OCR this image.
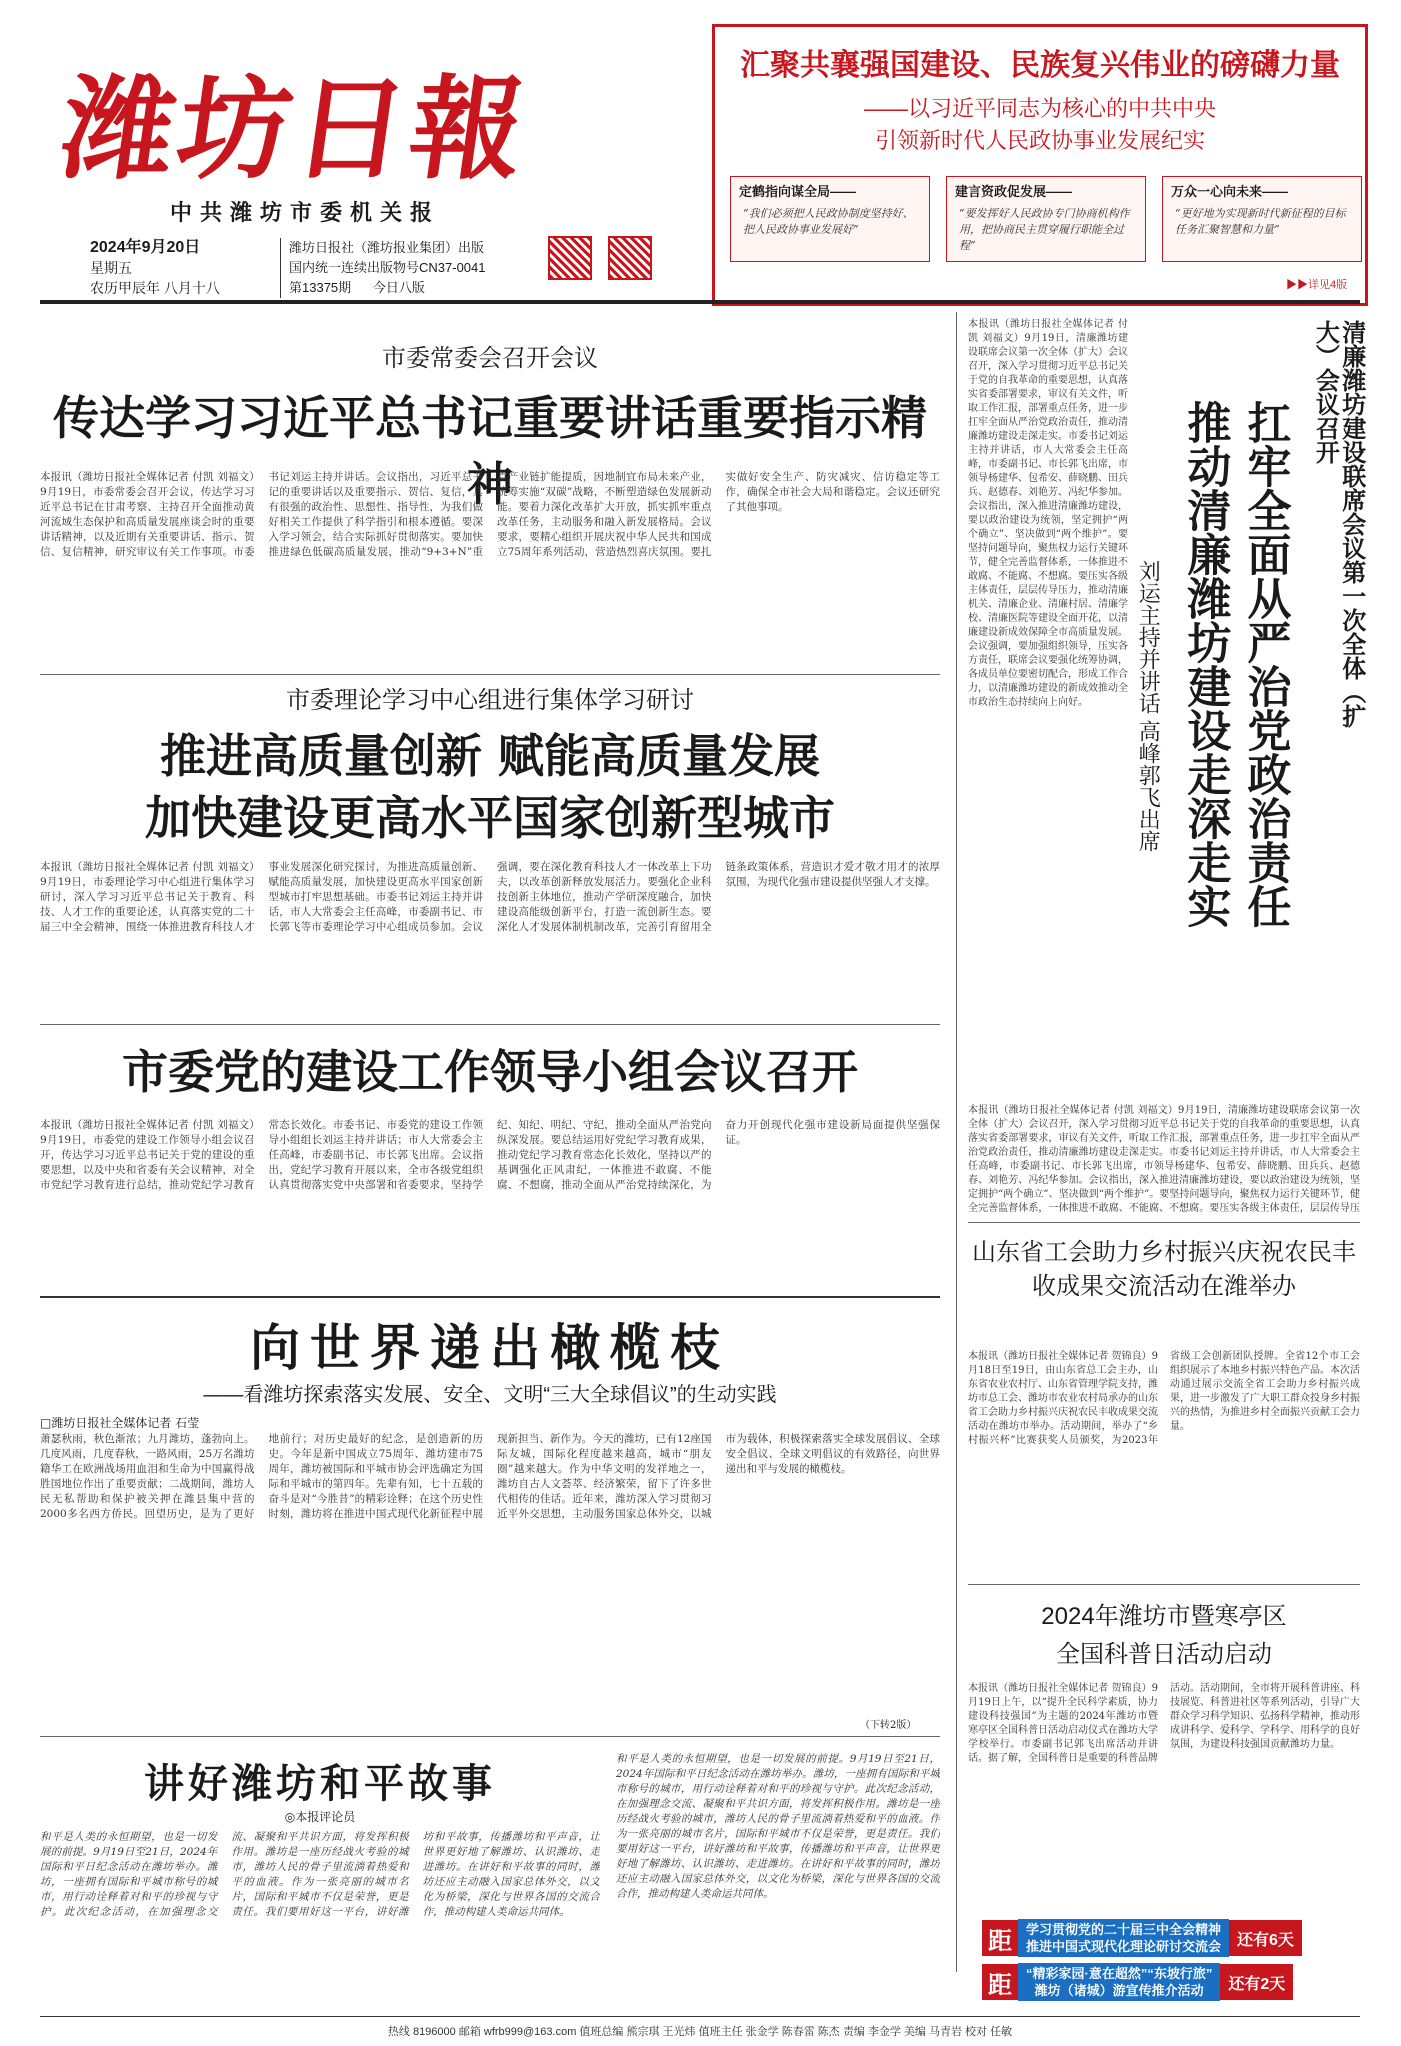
潍坊日報
中共潍坊市委机关报
2024年9月20日
星期五
农历甲辰年 八月十八
潍坊日报社（潍坊报业集团）出版
国内统一连续出版物号CN37-0041
第13375期 今日八版
汇聚共襄强国建设、民族复兴伟业的磅礴力量
——以习近平同志为核心的中共中央
引领新时代人民政协事业发展纪实
定鹤指向谋全局——
“我们必须把人民政协制度坚持好、把人民政协事业发展好”
建言资政促发展——
“要发挥好人民政协专门协商机构作用，把协商民主贯穿履行职能全过程”
万众一心向未来——
“更好地为实现新时代新征程的目标任务汇聚智慧和力量”
▶▶详见4版
市委常委会召开会议
传达学习习近平总书记重要讲话重要指示精神
本报讯（潍坊日报社全媒体记者 付凯 刘福文）9月19日，市委常委会召开会议，传达学习习近平总书记在甘肃考察、主持召开全面推动黄河流域生态保护和高质量发展座谈会时的重要讲话精神，以及近期有关重要讲话、指示、贺信、复信精神，研究审议有关工作事项。市委书记刘运主持并讲话。会议指出，习近平总书记的重要讲话以及重要指示、贺信、复信，具有很强的政治性、思想性、指导性，为我们做好相关工作提供了科学指引和根本遵循。要深入学习领会，结合实际抓好贯彻落实。要加快推进绿色低碳高质量发展，推动“9+3+N”重点产业链扩能提质，因地制宜布局未来产业，统筹实施“双碳”战略，不断塑造绿色发展新动能。要着力深化改革扩大开放，抓实抓牢重点改革任务，主动服务和融入新发展格局。会议要求，要精心组织开展庆祝中华人民共和国成立75周年系列活动，营造热烈喜庆氛围。要扎实做好安全生产、防灾减灾、信访稳定等工作，确保全市社会大局和谐稳定。会议还研究了其他事项。
市委理论学习中心组进行集体学习研讨
推进高质量创新 赋能高质量发展
加快建设更高水平国家创新型城市
本报讯（潍坊日报社全媒体记者 付凯 刘福文）9月19日，市委理论学习中心组进行集体学习研讨，深入学习习近平总书记关于教育、科技、人才工作的重要论述，认真落实党的二十届三中全会精神，围绕一体推进教育科技人才事业发展深化研究探讨，为推进高质量创新、赋能高质量发展，加快建设更高水平国家创新型城市打牢思想基础。市委书记刘运主持并讲话，市人大常委会主任高峰，市委副书记、市长郭飞等市委理论学习中心组成员参加。会议强调，要在深化教育科技人才一体改革上下功夫，以改革创新释放发展活力。要强化企业科技创新主体地位，推动产学研深度融合，加快建设高能级创新平台，打造一流创新生态。要深化人才发展体制机制改革，完善引育留用全链条政策体系，营造识才爱才敬才用才的浓厚氛围，为现代化强市建设提供坚强人才支撑。
市委党的建设工作领导小组会议召开
本报讯（潍坊日报社全媒体记者 付凯 刘福文）9月19日，市委党的建设工作领导小组会议召开，传达学习习近平总书记关于党的建设的重要思想，以及中央和省委有关会议精神，对全市党纪学习教育进行总结，推动党纪学习教育常态长效化。市委书记、市委党的建设工作领导小组组长刘运主持并讲话；市人大常委会主任高峰，市委副书记、市长郭飞出席。会议指出，党纪学习教育开展以来，全市各级党组织认真贯彻落实党中央部署和省委要求，坚持学纪、知纪、明纪、守纪，推动全面从严治党向纵深发展。要总结运用好党纪学习教育成果，推动党纪学习教育常态化长效化，坚持以严的基调强化正风肃纪，一体推进不敢腐、不能腐、不想腐，推动全面从严治党持续深化，为奋力开创现代化强市建设新局面提供坚强保证。
向世界递出橄榄枝
——看潍坊探索落实发展、安全、文明“三大全球倡议”的生动实践
□潍坊日报社全媒体记者 石莹
萧瑟秋雨，秋色渐浓；九月潍坊，蓬勃向上。几度风雨，几度春秋，一路风雨，25万名潍坊籍华工在欧洲战场用血泪和生命为中国赢得战胜国地位作出了重要贡献；二战期间，潍坊人民无私帮助和保护被关押在潍县集中营的2000多名西方侨民。回望历史，是为了更好地前行；对历史最好的纪念，是创造新的历史。今年是新中国成立75周年、潍坊建市75周年，潍坊被国际和平城市协会评选确定为国际和平城市的第四年。先辈有知，七十五载的奋斗是对“今胜昔”的精彩诠释；在这个历史性时刻，潍坊将在推进中国式现代化新征程中展现新担当、新作为。今天的潍坊，已有12座国际友城，国际化程度越来越高，城市“朋友圈”越来越大。作为中华文明的发祥地之一，潍坊自古人文荟萃、经济繁荣，留下了许多世代相传的佳话。近年来，潍坊深入学习贯彻习近平外交思想，主动服务国家总体外交，以城市为载体，积极探索落实全球发展倡议、全球安全倡议、全球文明倡议的有效路径，向世界递出和平与发展的橄榄枝。
（下转2版）
讲好潍坊和平故事
◎本报评论员
和平是人类的永恒期望，也是一切发展的前提。9月19日至21日，2024年国际和平日纪念活动在潍坊举办。潍坊，一座拥有国际和平城市称号的城市，用行动诠释着对和平的珍视与守护。此次纪念活动，在加强理念交流、凝聚和平共识方面，将发挥积极作用。潍坊是一座历经战火考验的城市，潍坊人民的骨子里流淌着热爱和平的血液。作为一张亮丽的城市名片，国际和平城市不仅是荣誉，更是责任。我们要用好这一平台，讲好潍坊和平故事，传播潍坊和平声音，让世界更好地了解潍坊、认识潍坊、走进潍坊。在讲好和平故事的同时，潍坊还应主动融入国家总体外交，以文化为桥梁，深化与世界各国的交流合作，推动构建人类命运共同体。
和平是人类的永恒期望，也是一切发展的前提。9月19日至21日，2024年国际和平日纪念活动在潍坊举办。潍坊，一座拥有国际和平城市称号的城市，用行动诠释着对和平的珍视与守护。此次纪念活动，在加强理念交流、凝聚和平共识方面，将发挥积极作用。潍坊是一座历经战火考验的城市，潍坊人民的骨子里流淌着热爱和平的血液。作为一张亮丽的城市名片，国际和平城市不仅是荣誉，更是责任。我们要用好这一平台，讲好潍坊和平故事，传播潍坊和平声音，让世界更好地了解潍坊、认识潍坊、走进潍坊。在讲好和平故事的同时，潍坊还应主动融入国家总体外交，以文化为桥梁，深化与世界各国的交流合作，推动构建人类命运共同体。
清廉潍坊建设联席会议第一次全体（扩大）会议召开
扛牢全面从严治党政治责任
推动清廉潍坊建设走深走实
刘运主持并讲话 高峰郭飞出席
本报讯（潍坊日报社全媒体记者 付凯 刘福文）9月19日，清廉潍坊建设联席会议第一次全体（扩大）会议召开，深入学习贯彻习近平总书记关于党的自我革命的重要思想，认真落实省委部署要求，审议有关文件，听取工作汇报，部署重点任务，进一步扛牢全面从严治党政治责任，推动清廉潍坊建设走深走实。市委书记刘运主持并讲话，市人大常委会主任高峰，市委副书记、市长郭飞出席，市领导杨建华、包希安、薛晓鹏、田兵兵、赵德春、刘艳芳、冯纪华参加。会议指出，深入推进清廉潍坊建设，要以政治建设为统领，坚定拥护“两个确立”、坚决做到“两个维护”。要坚持问题导向，聚焦权力运行关键环节，健全完善监督体系，一体推进不敢腐、不能腐、不想腐。要压实各级主体责任，层层传导压力，推动清廉机关、清廉企业、清廉村居、清廉学校、清廉医院等建设全面开花，以清廉建设新成效保障全市高质量发展。会议强调，要加强组织领导，压实各方责任，联席会议要强化统筹协调，各成员单位要密切配合，形成工作合力，以清廉潍坊建设的新成效推动全市政治生态持续向上向好。
本报讯（潍坊日报社全媒体记者 付凯 刘福文）9月19日，清廉潍坊建设联席会议第一次全体（扩大）会议召开，深入学习贯彻习近平总书记关于党的自我革命的重要思想，认真落实省委部署要求，审议有关文件，听取工作汇报，部署重点任务，进一步扛牢全面从严治党政治责任，推动清廉潍坊建设走深走实。市委书记刘运主持并讲话，市人大常委会主任高峰，市委副书记、市长郭飞出席，市领导杨建华、包希安、薛晓鹏、田兵兵、赵德春、刘艳芳、冯纪华参加。会议指出，深入推进清廉潍坊建设，要以政治建设为统领，坚定拥护“两个确立”、坚决做到“两个维护”。要坚持问题导向，聚焦权力运行关键环节，健全完善监督体系，一体推进不敢腐、不能腐、不想腐。要压实各级主体责任，层层传导压
山东省工会助力乡村振兴庆祝农民丰收成果交流活动在潍举办
本报讯（潍坊日报社全媒体记者 贺锦良）9月18日至19日，由山东省总工会主办，山东省农业农村厅、山东省管理学院支持，潍坊市总工会、潍坊市农业农村局承办的山东省工会助力乡村振兴庆祝农民丰收成果交流活动在潍坊市举办。活动期间，举办了“乡村振兴杯”比赛获奖人员颁奖，为2023年省级工会创新团队授牌。全省12个市工会组织展示了本地乡村振兴特色产品。本次活动通过展示交流全省工会助力乡村振兴成果，进一步激发了广大职工群众投身乡村振兴的热情，为推进乡村全面振兴贡献工会力量。
2024年潍坊市暨寒亭区
全国科普日活动启动
本报讯（潍坊日报社全媒体记者 贺锦良）9月19日上午，以“提升全民科学素质，协力建设科技强国”为主题的2024年潍坊市暨寒亭区全国科普日活动启动仪式在潍坊大学学校举行。市委副书记郭飞出席活动并讲话。据了解，全国科普日是重要的科普品牌活动。活动期间，全市将开展科普讲座、科技展览、科普进社区等系列活动，引导广大群众学习科学知识、弘扬科学精神，推动形成讲科学、爱科学、学科学、用科学的良好氛围，为建设科技强国贡献潍坊力量。
距	学习贯彻党的二十届三中全会精神
推进中国式现代化理论研讨交流会	还有6天
距	“精彩家园·意在超然”“东坡行旅”
潍坊（诸城）游宣传推介活动	还有2天
热线 8196000 邮箱 wfrb999@163.com 值班总编 熊宗琪 王光炜 值班主任 张金学 陈春雷 陈杰 责编 李金学 美编 马青岩 校对 任敏
